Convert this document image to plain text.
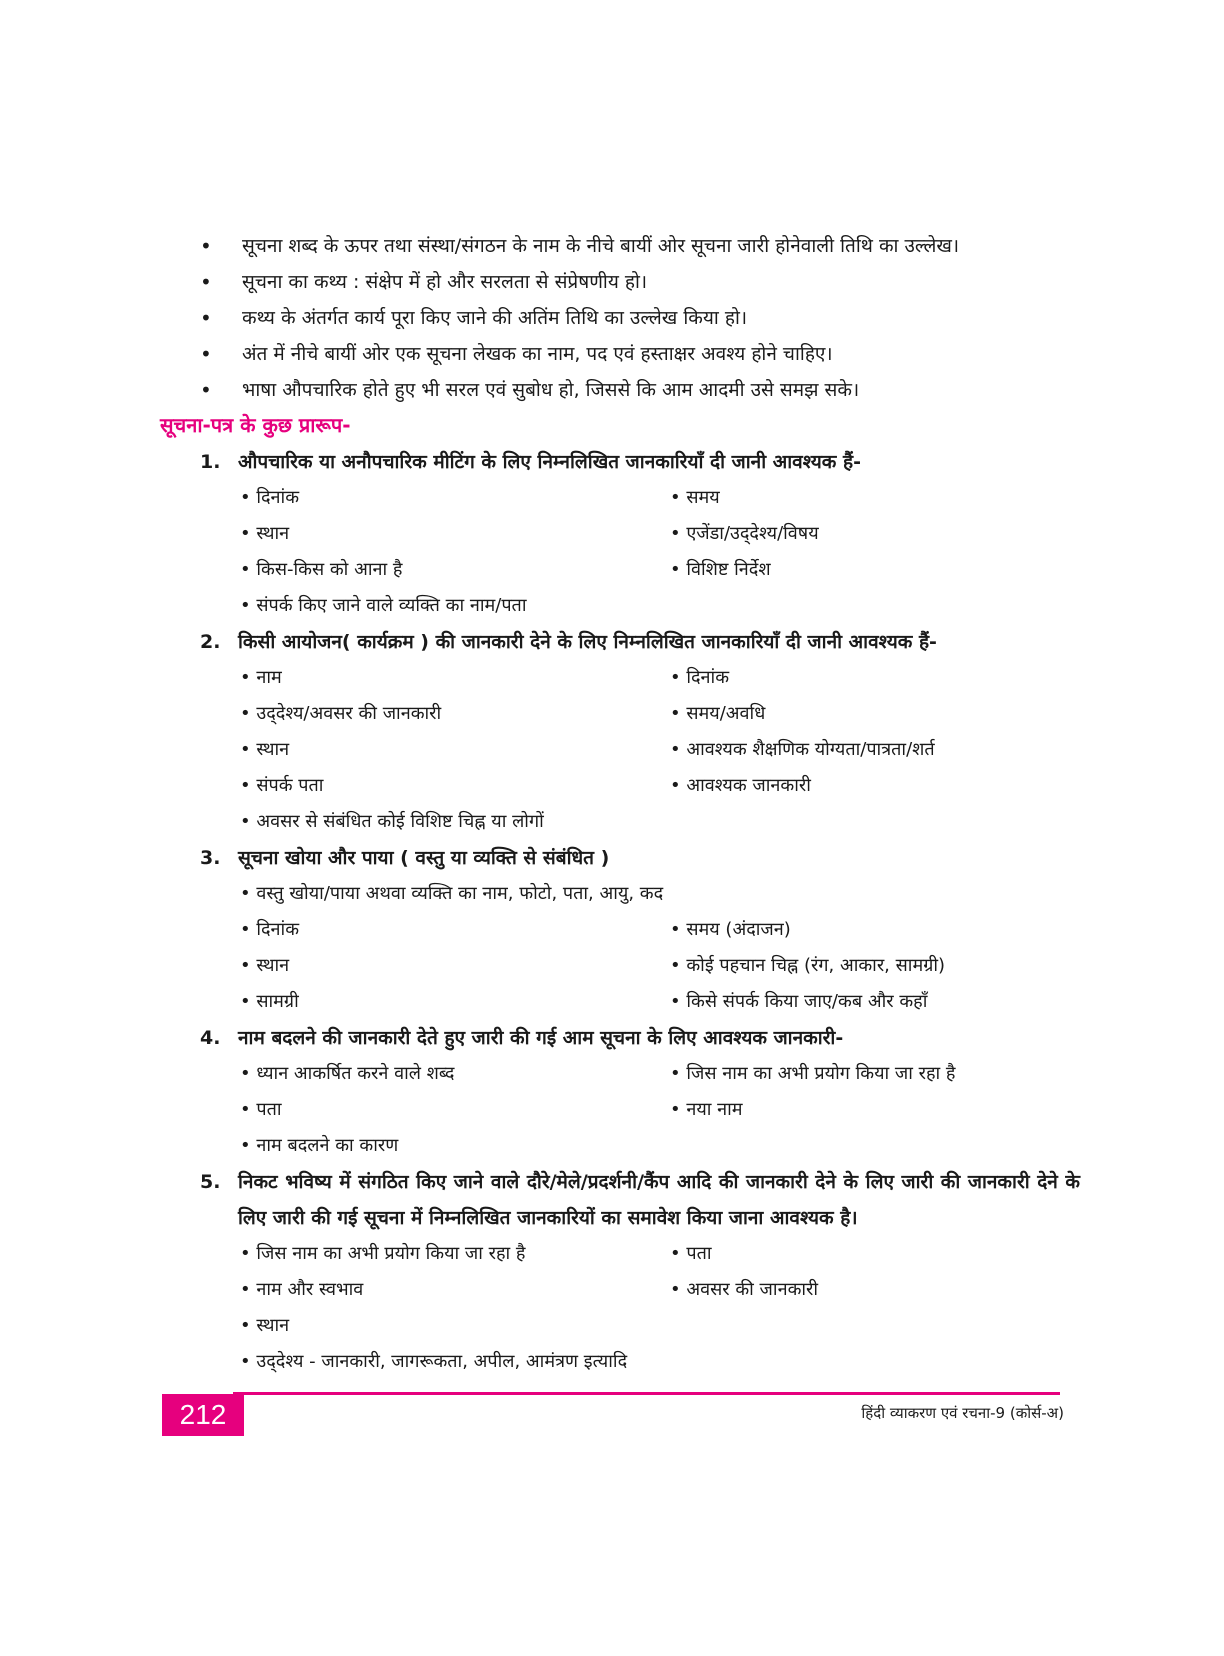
• सूचना शब्द के ऊपर तथा संस्था/संगठन के नाम के नीचे बायीं ओर सूचना जारी होनेवाली तिथि का उल्लेख।
• सूचना का कथ्य : संक्षेप में हो और सरलता से संप्रेषणीय हो।
• कथ्य के अंतर्गत कार्य पूरा किए जाने की अतिंम तिथि का उल्लेख किया हो।
• अंत में नीचे बायीं ओर एक सूचना लेखक का नाम, पद एवं हस्ताक्षर अवश्य होने चाहिए।
• भाषा औपचारिक होते हुए भी सरल एवं सुबोध हो, जिससे कि आम आदमी उसे समझ सके।
सूचना-पत्र के कुछ प्रारूप-
1. औपचारिक या अनौपचारिक मीटिंग के लिए निम्नलिखित जानकारियाँ दी जानी आवश्यक हैं-
• दिनांक	• समय
• स्थान	• एजेंडा/उद्‌देश्य/विषय
• किस-किस को आना है	• विशिष्ट निर्देश
• संपर्क किए जाने वाले व्यक्ति का नाम/पता
2. किसी आयोजन( कार्यक्रम ) की जानकारी देने के लिए निम्नलिखित जानकारियाँ दी जानी आवश्यक हैं-
• नाम	• दिनांक
• उद्‌देश्य/अवसर की जानकारी	• समय/अवधि
• स्थान	• आवश्यक शैक्षणिक योग्यता/पात्रता/शर्त
• संपर्क पता	• आवश्यक जानकारी
• अवसर से संबंधित कोई विशिष्ट चिह्न या लोगों
3. सूचना खोया और पाया ( वस्तु या व्यक्ति से संबंधित )
• वस्तु खोया/पाया अथवा व्यक्ति का नाम, फोटो, पता, आयु, कद
• दिनांक	• समय (अंदाजन)
• स्थान	• कोई पहचान चिह्न (रंग, आकार, सामग्री)
• सामग्री	• किसे संपर्क किया जाए/कब और कहाँ
4. नाम बदलने की जानकारी देते हुए जारी की गई आम सूचना के लिए आवश्यक जानकारी-
• ध्यान आकर्षित करने वाले शब्द	• जिस नाम का अभी प्रयोग किया जा रहा है
• पता	• नया नाम
• नाम बदलने का कारण
5. निकट भविष्य में संगठित किए जाने वाले दौरे/मेले/प्रदर्शनी/कैंप आदि की जानकारी देने के लिए जारी की जानकारी देने के लिए जारी की गई सूचना में निम्नलिखित जानकारियों का समावेश किया जाना आवश्यक है।
• जिस नाम का अभी प्रयोग किया जा रहा है	• पता
• नाम और स्वभाव	• अवसर की जानकारी
• स्थान
• उद्‌देश्य - जानकारी, जागरूकता, अपील, आमंत्रण इत्यादि
212	हिंदी व्याकरण एवं रचना-9 (कोर्स-अ)
